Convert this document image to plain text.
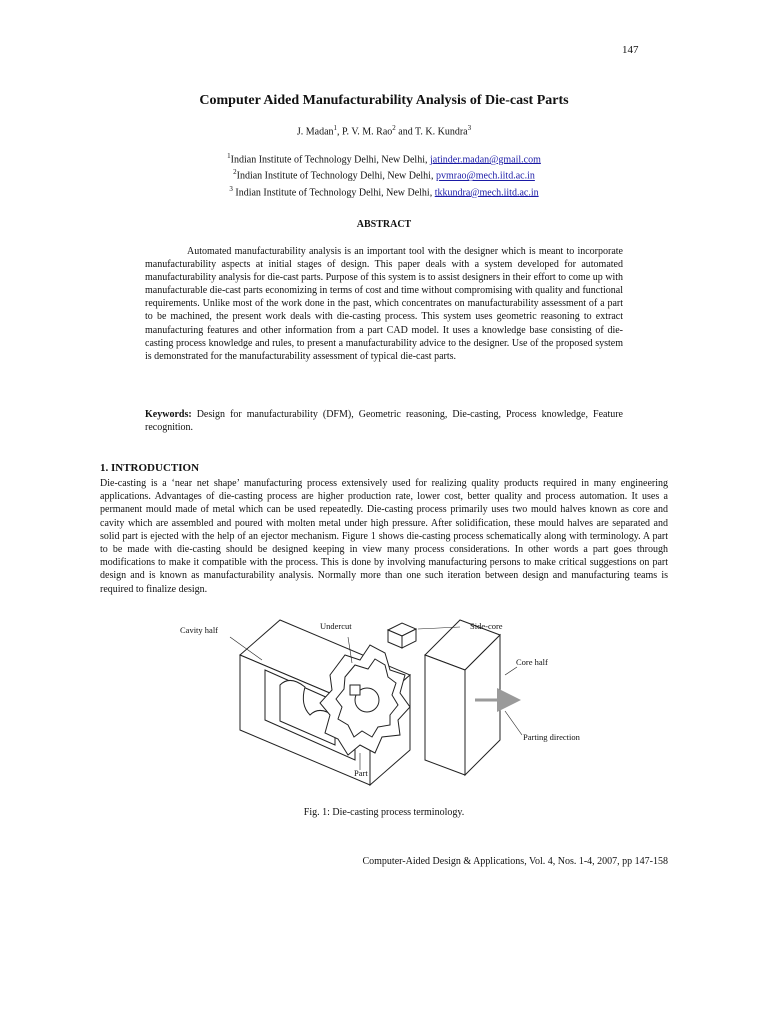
147
Computer Aided Manufacturability Analysis of Die-cast Parts
J. Madan$^1$, P. V. M. Rao$^2$ and T. K. Kundra$^3$
$^1$Indian Institute of Technology Delhi, New Delhi, jatinder.madan@gmail.com
$^2$Indian Institute of Technology Delhi, New Delhi, pvmrao@mech.iitd.ac.in
$^3$ Indian Institute of Technology Delhi, New Delhi, tkkundra@mech.iitd.ac.in
ABSTRACT

Automated manufacturability analysis is an important tool with the designer which is meant to incorporate manufacturability aspects at initial stages of design. This paper deals with a system developed for automated manufacturability analysis for die-cast parts. Purpose of this system is to assist designers in their effort to come up with manufacturable die-cast parts economizing in terms of cost and time without compromising with quality and functional requirements. Unlike most of the work done in the past, which concentrates on manufacturability assessment of a part to be machined, the present work deals with die-casting process. This system uses geometric reasoning to extract manufacturing features and other information from a part CAD model. It uses a knowledge base consisting of die-casting process knowledge and rules, to present a manufacturability advice to the designer. Use of the proposed system is demonstrated for the manufacturability assessment of typical die-cast parts.

Keywords: Design for manufacturability (DFM), Geometric reasoning, Die-casting, Process knowledge, Feature recognition.

1. INTRODUCTION

Die-casting is a ‘near net shape’ manufacturing process extensively used for realizing quality products required in many engineering applications. Advantages of die-casting process are higher production rate, lower cost, better quality and process automation. It uses a permanent mould made of metal which can be used repeatedly. Die-casting process primarily uses two mould halves known as core and cavity which are assembled and poured with molten metal under high pressure. After solidification, these mould halves are separated and solid part is ejected with the help of an ejector mechanism. Figure 1 shows die-casting process schematically along with terminology. A part to be made with die-casting should be designed keeping in view many process considerations. In other words a part goes through modifications to make it compatible with the process. This is done by involving manufacturing persons to make critical suggestions on part design and is known as manufacturability analysis. Normally more than one such iteration between design and manufacturing teams is required to finalize design.

Cavity half	Undercut	Side-core
Core half
Parting direction
Part
Fig. 1: Die-casting process terminology.
Computer-Aided Design & Applications, Vol. 4, Nos. 1-4, 2007, pp 147-158
